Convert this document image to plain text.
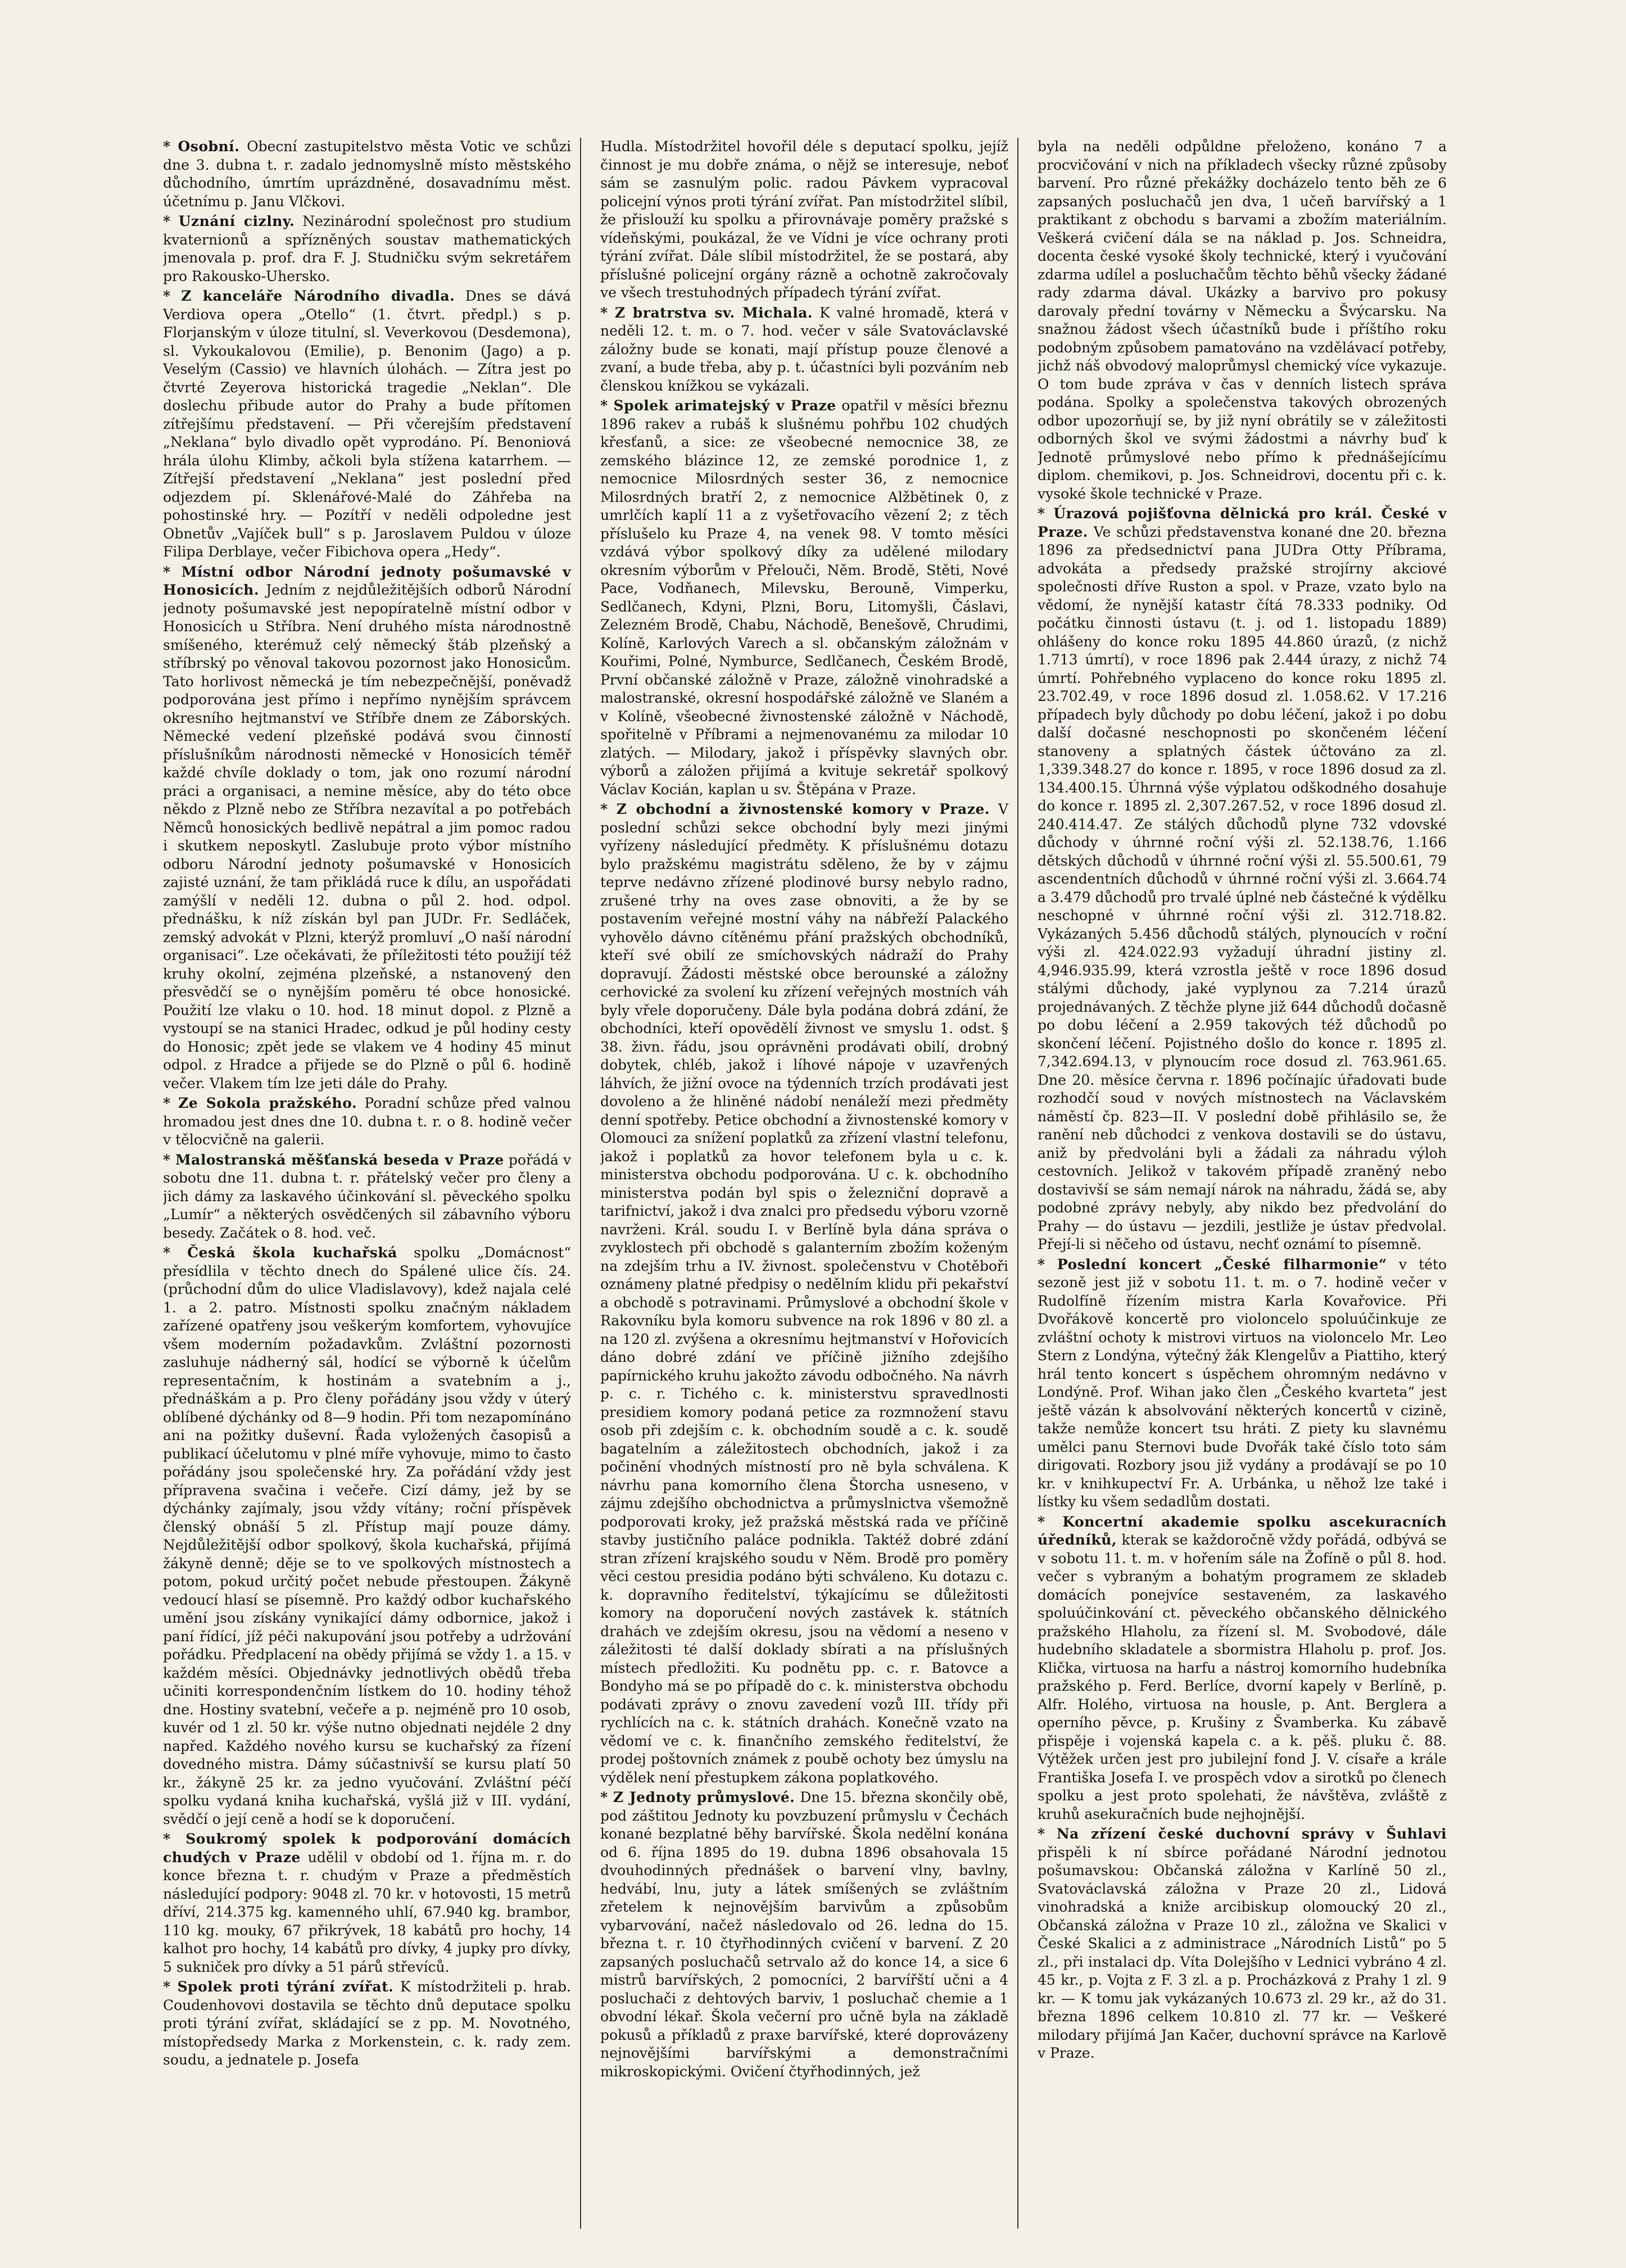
* Osobní. Obecní zastupitelstvo města Votic ve schůzi dne 3. dubna t. r. zadalo jednomyslně místo městského důchodního, úmrtím uprázdněné, dosavadnímu měst. účetnímu p. Janu Vlčkovi.

* Uznání cizlny. Nezinárodní společnost pro studium kvaternionů a spřízněných soustav mathematických jmenovala p. prof. dra F. J. Studničku svým sekretářem pro Rakousko-Uhersko.

* Z kanceláře Národního divadla. Dnes se dává Verdiova opera „Otello“ (1. čtvrt. předpl.) s p. Florjanským v úloze titulní, sl. Veverkovou (Desdemona), sl. Vykoukalovou (Emilie), p. Benonim (Jago) a p. Veselým (Cassio) ve hlavních úlohách. — Zítra jest po čtvrté Zeyerova historická tragedie „Neklan“. Dle doslechu přibude autor do Prahy a bude přítomen zítřejšímu představení. — Při včerejším představení „Neklana“ bylo divadlo opět vyprodáno. Pí. Benoniová hrála úlohu Klimby, ačkoli byla stížena katarrhem. — Zítřejší představení „Neklana“ jest poslední před odjezdem pí. Sklenářové-Malé do Záhřeba na pohostinské hry. — Pozítří v neděli odpoledne jest Obnetův „Vajíček bull“ s p. Jaroslavem Puldou v úloze Filipa Derblaye, večer Fibichova opera „Hedy“.

* Místní odbor Národní jednoty pošumavské v Honosicích. Jedním z nejdůležitějších odborů Národní jednoty pošumavské jest nepopíratelně místní odbor v Honosicích u Stříbra. Není druhého místa národnostně smíšeného, kterémuž celý německý štáb plzeňský a stříbrský po věnoval takovou pozornost jako Honosicům. Tato horlivost německá je tím nebezpečnější, poněvadž podporována jest přímo i nepřímo nynějším správcem okresního hejtmanství ve Stříbře dnem ze Záborských. Německé vedení plzeňské podává svou činností příslušníkům národnosti německé v Honosicích téměř každé chvíle doklady o tom, jak ono rozumí národní práci a organisaci, a nemine měsíce, aby do této obce někdo z Plzně nebo ze Stříbra nezavítal a po potřebách Němců honosických bedlivě nepátral a jim pomoc radou i skutkem neposkytl. Zaslubuje proto výbor místního odboru Národní jednoty pošumavské v Honosicích zajisté uznání, že tam přikládá ruce k dílu, an uspořádati zamýšlí v neděli 12. dubna o půl 2. hod. odpol. přednášku, k níž získán byl pan JUDr. Fr. Sedláček, zemský advokát v Plzni, kterýž promluví „O naší národní organisaci“. Lze očekávati, že příležitosti této použijí též kruhy okolní, zejména plzeňské, a nstanovený den přesvědčí se o nynějším poměru té obce honosické. Použití lze vlaku o 10. hod. 18 minut dopol. z Plzně a vystoupí se na stanici Hradec, odkud je půl hodiny cesty do Honosic; zpět jede se vlakem ve 4 hodiny 45 minut odpol. z Hradce a přijede se do Plzně o půl 6. hodině večer. Vlakem tím lze jeti dále do Prahy.

* Ze Sokola pražského. Poradní schůze před valnou hromadou jest dnes dne 10. dubna t. r. o 8. hodině večer v tělocvičně na galerii.

* Malostranská měšťanská beseda v Praze pořádá v sobotu dne 11. dubna t. r. přátelský večer pro členy a jich dámy za laskavého účinkování sl. pěveckého spolku „Lumír“ a některých osvědčených sil zábavního výboru besedy. Začátek o 8. hod. več.

* Česká škola kuchařská spolku „Domácnost“ přesídlila v těchto dnech do Spálené ulice čís. 24. (průchodní dům do ulice Vladislavovy), kdež najala celé 1. a 2. patro. Místnosti spolku značným nákladem zařízené opatřeny jsou veškerým komfortem, vyhovujíce všem moderním požadavkům. Zvláštní pozornosti zasluhuje nádherný sál, hodící se výborně k účelům representačním, k hostinám a svatebním a j., přednáškám a p. Pro členy pořádány jsou vždy v úterý oblíbené dýchánky od 8—9 hodin. Při tom nezapomínáno ani na požitky duševní. Řada vyložených časopisů a publikací účelutomu v plné míře vyhovuje, mimo to často pořádány jsou společenské hry. Za pořádání vždy jest přípravena svačina i večeře. Cizí dámy, jež by se dýchánky zajímaly, jsou vždy vítány; roční příspěvek členský obnáší 5 zl. Přístup mají pouze dámy. Nejdůležitější odbor spolkový, škola kuchařská, přijímá žákyně denně; děje se to ve spolkových místnostech a potom, pokud určitý počet nebude přestoupen. Žákyně vedoucí hlasí se písemně. Pro každý odbor kuchařského umění jsou získány vynikající dámy odbornice, jakož i paní řídící, jíž péči nakupování jsou potřeby a udržování pořádku. Předplacení na obědy přijímá se vždy 1. a 15. v každém měsíci. Objednávky jednotlivých obědů třeba učiniti korrespondenčním lístkem do 10. hodiny téhož dne. Hostiny svatební, večeře a p. nejméně pro 10 osob, kuvér od 1 zl. 50 kr. výše nutno objednati nejdéle 2 dny napřed. Každého nového kursu se kuchařský za řízení dovedného mistra. Dámy súčastnivší se kursu platí 50 kr., žákyně 25 kr. za jedno vyučování. Zvláštní péčí spolku vydaná kniha kuchařská, vyšlá již v III. vydání, svědčí o její ceně a hodí se k doporučení.

* Soukromý spolek k podporování domácích chudých v Praze udělil v období od 1. října m. r. do konce března t. r. chudým v Praze a předměstích následující podpory: 9048 zl. 70 kr. v hotovosti, 15 metrů dříví, 214.375 kg. kamenného uhlí, 67.940 kg. brambor, 110 kg. mouky, 67 přikrývek, 18 kabátů pro hochy, 14 kalhot pro hochy, 14 kabátů pro dívky, 4 jupky pro dívky, 5 sukniček pro dívky a 51 párů střevíců.

* Spolek proti týrání zvířat. K místodržiteli p. hrab. Coudenhovovi dostavila se těchto dnů deputace spolku proti týrání zvířat, skládající se z pp. M. Novotného, místopředsedy Marka z Morkenstein, c. k. rady zem. soudu, a jednatele p. Josefa

Hudla. Místodržitel hovořil déle s deputací spolku, jejíž činnost je mu dobře známa, o nějž se interesuje, neboť sám se zasnulým polic. radou Pávkem vypracoval policejní výnos proti týrání zvířat. Pan místodržitel slíbil, že přislouží ku spolku a přirovnávaje poměry pražské s vídeňskými, poukázal, že ve Vídni je více ochrany proti týrání zvířat. Dále slíbil místodržitel, že se postará, aby příslušné policejní orgány rázně a ochotně zakročovaly ve všech trestuhodných případech týrání zvířat.

* Z bratrstva sv. Michala. K valné hromadě, která v neděli 12. t. m. o 7. hod. večer v sále Svatováclavské záložny bude se konati, mají přístup pouze členové a zvaní, a bude třeba, aby p. t. účastníci byli pozváním neb členskou knížkou se vykázali.

* Spolek arimatejský v Praze opatřil v měsíci březnu 1896 rakev a rubáš k slušnému pohřbu 102 chudých křesťanů, a sice: ze všeobecné nemocnice 38, ze zemského blázince 12, ze zemské porodnice 1, z nemocnice Milosrdných sester 36, z nemocnice Milosrdných bratří 2, z nemocnice Alžbětinek 0, z umrlčích kaplí 11 a z vyšetřovacího vězení 2; z těch příslušelo ku Praze 4, na venek 98. V tomto měsíci vzdává výbor spolkový díky za udělené milodary okresním výborům v Přelouči, Něm. Brodě, Stěti, Nové Pace, Vodňanech, Milevsku, Berouně, Vimperku, Sedlčanech, Kdyni, Plzni, Boru, Litomyšli, Čáslavi, Zelezném Brodě, Chabu, Náchodě, Benešově, Chrudimi, Kolíně, Karlových Varech a sl. občanským záložnám v Kouřimi, Polné, Nymburce, Sedlčanech, Českém Brodě, První občanské záložně v Praze, záložně vinohradské a malostranské, okresní hospodářské záložně ve Slaném a v Kolíně, všeobecné živnostenské záložně v Náchodě, spořitelně v Příbrami a nejmenovanému za milodar 10 zlatých. — Milodary, jakož i příspěvky slavných obr. výborů a záložen přijímá a kvituje sekretář spolkový Václav Kocián, kaplan u sv. Štěpána v Praze.

* Z obchodní a živnostenské komory v Praze. V poslední schůzi sekce obchodní byly mezi jinými vyřízeny následující předměty. K příslušnému dotazu bylo pražskému magistrátu sděleno, že by v zájmu teprve nedávno zřízené plodinové bursy nebylo radno, zrušené trhy na oves zase obnoviti, a že by se postavením veřejné mostní váhy na nábřeží Palackého vyhovělo dávno cítěnému přání pražských obchodníků, kteří své obilí ze smíchovských nádraží do Prahy dopravují. Žádosti městské obce berounské a záložny cerhovické za svolení ku zřízení veřejných mostních váh byly vřele doporučeny. Dále byla podána dobrá zdání, že obchodníci, kteří opovědělí živnost ve smyslu 1. odst. § 38. živn. řádu, jsou oprávněni prodávati obilí, drobný dobytek, chléb, jakož i líhové nápoje v uzavřených láhvích, že jižní ovoce na týdenních trzích prodávati jest dovoleno a že hliněné nádobí nenáleží mezi předměty denní spotřeby. Petice obchodní a živnostenské komory v Olomouci za snížení poplatků za zřízení vlastní telefonu, jakož i poplatků za hovor telefonem byla u c. k. ministerstva obchodu podporována. U c. k. obchodního ministerstva podán byl spis o železniční dopravě a tarifnictví, jakož i dva znalci pro předsedu výboru vzorně navrženi. Král. soudu I. v Berlíně byla dána správa o zvyklostech při obchodě s galanterním zbožím koženým na zdejším trhu a IV. živnost. společenstvu v Chotěboři oznámeny platné předpisy o nedělním klidu při pekařství a obchodě s potravinami. Průmyslové a obchodní škole v Rakovníku byla komoru subvence na rok 1896 v 80 zl. a na 120 zl. zvýšena a okresnímu hejtmanství v Hořovicích dáno dobré zdání ve příčině jižního zdejšího papírnického kruhu jakožto závodu odbočného. Na návrh p. c. r. Tichého c. k. ministerstvu spravedlnosti presidiem komory podaná petice za rozmnožení stavu osob při zdejším c. k. obchodním soudě a c. k. soudě bagatelním a záležitostech obchodních, jakož i za počinění vhodných místností pro ně byla schválena. K návrhu pana komorního člena Štorcha usneseno, v zájmu zdejšího obchodnictva a průmyslnictva všemožně podporovati kroky, jež pražská městská rada ve příčině stavby justičního paláce podnikla. Taktéž dobré zdání stran zřízení krajského soudu v Něm. Brodě pro poměry věci cestou presidia podáno býti schváleno. Ku dotazu c. k. dopravního ředitelství, týkajícímu se důležitosti komory na doporučení nových zastávek k. státních drahách ve zdejším okresu, jsou na vědomí a neseno v záležitosti té další doklady sbírati a na příslušných místech předložiti. Ku podnětu pp. c. r. Batovce a Bondyho má se po případě do c. k. ministerstva obchodu podávati zprávy o znovu zavedení vozů III. třídy při rychlících na c. k. státních drahách. Konečně vzato na vědomí ve c. k. finančního zemského ředitelství, že prodej poštovních známek z poubě ochoty bez úmyslu na výdělek není přestupkem zákona poplatkového.

* Z Jednoty průmyslové. Dne 15. března skončily obě, pod záštitou Jednoty ku povzbuzení průmyslu v Čechách konané bezplatné běhy barvířské. Škola nedělní konána od 6. října 1895 do 19. dubna 1896 obsahovala 15 dvouhodinných přednášek o barvení vlny, bavlny, hedvábí, lnu, juty a látek smíšených se zvláštním zřetelem k nejnovějším barvivům a způsobům vybarvování, načež následovalo od 26. ledna do 15. března t. r. 10 čtyřhodinných cvičení v barvení. Z 20 zapsaných posluchačů setrvalo až do konce 14, a sice 6 mistrů barvířských, 2 pomocníci, 2 barvířští učni a 4 posluchači z dehtových barviv, 1 posluchač chemie a 1 obvodní lékař. Škola večerní pro učně byla na základě pokusů a příkladů z praxe barvířské, které doprovázeny nejnovějšími barvířskými a demonstračními mikroskopickými. Ovičení čtyřhodinných, jež

byla na neděli odpůldne přeloženo, konáno 7 a procvičování v nich na příkladech všecky různé způsoby barvení. Pro různé překážky docházelo tento běh ze 6 zapsaných posluchačů jen dva, 1 učeň barvířský a 1 praktikant z obchodu s barvami a zbožím materiálním. Veškerá cvičení dála se na náklad p. Jos. Schneidra, docenta české vysoké školy technické, který i vyučování zdarma udílel a posluchačům těchto běhů všecky žádané rady zdarma dával. Ukázky a barvivo pro pokusy darovaly přední továrny v Německu a Švýcarsku. Na snažnou žádost všech účastníků bude i příštího roku podobným způsobem pamatováno na vzdělávací potřeby, jichž náš obvodový maloprůmysl chemický více vykazuje. O tom bude zpráva v čas v denních listech správa podána. Spolky a společenstva takových obrozených odbor upozorňují se, by již nyní obrátily se v záležitosti odborných škol ve svými žádostmi a návrhy buď k Jednotě průmyslové nebo přímo k přednášejícímu diplom. chemikovi, p. Jos. Schneidrovi, docentu při c. k. vysoké škole technické v Praze.

* Úrazová pojišťovna dělnická pro král. České v Praze. Ve schůzi představenstva konané dne 20. března 1896 za předsednictví pana JUDra Otty Příbrama, advokáta a předsedy pražské strojírny akciové společnosti dříve Ruston a spol. v Praze, vzato bylo na vědomí, že nynější katastr čítá 78.333 podniky. Od počátku činnosti ústavu (t. j. od 1. listopadu 1889) ohlášeny do konce roku 1895 44.860 úrazů, (z nichž 1.713 úmrtí), v roce 1896 pak 2.444 úrazy, z nichž 74 úmrtí. Pohřebného vyplaceno do konce roku 1895 zl. 23.702.49, v roce 1896 dosud zl. 1.058.62. V 17.216 případech byly důchody po dobu léčení, jakož i po dobu další dočasné neschopnosti po skončeném léčení stanoveny a splatných částek účtováno za zl. 1,339.348.27 do konce r. 1895, v roce 1896 dosud za zl. 134.400.15. Úhrnná výše výplatou odškodného dosahuje do konce r. 1895 zl. 2,307.267.52, v roce 1896 dosud zl. 240.414.47. Ze stálých důchodů plyne 732 vdovské důchody v úhrnné roční výši zl. 52.138.76, 1.166 dětských důchodů v úhrnné roční výši zl. 55.500.61, 79 ascendentních důchodů v úhrnné roční výši zl. 3.664.74 a 3.479 důchodů pro trvalé úplné neb částečné k výdělku neschopné v úhrnné roční výši zl. 312.718.82. Vykázaných 5.456 důchodů stálých, plynoucích v roční výši zl. 424.022.93 vyžadují úhradní jistiny zl. 4,946.935.99, která vzrostla ještě v roce 1896 dosud stálými důchody, jaké vyplynou za 7.214 úrazů projednávaných. Z těchže plyne již 644 důchodů dočasně po dobu léčení a 2.959 takových též důchodů po skončení léčení. Pojistného došlo do konce r. 1895 zl. 7,342.694.13, v plynoucím roce dosud zl. 763.961.65. Dne 20. měsíce června r. 1896 počínajíc úřadovati bude rozhodčí soud v nových místnostech na Václavském náměstí čp. 823—II. V poslední době přihlásilo se, že ranění neb důchodci z venkova dostavili se do ústavu, aniž by předvoláni byli a žádali za náhradu výloh cestovních. Jelikož v takovém případě zraněný nebo dostavivší se sám nemají nárok na náhradu, žádá se, aby podobné zprávy nebyly, aby nikdo bez předvolání do Prahy — do ústavu — jezdili, jestliže je ústav předvolal. Přejí-li si něčeho od ústavu, nechť oznámí to písemně.

* Poslední koncert „České filharmonie“ v této sezoně jest již v sobotu 11. t. m. o 7. hodině večer v Rudolfíně řízením mistra Karla Kovařovice. Při Dvořákově koncertě pro violoncelo spoluúčinkuje ze zvláštní ochoty k mistrovi virtuos na violoncelo Mr. Leo Stern z Londýna, výtečný žák Klengelův a Piattiho, který hrál tento koncert s úspěchem ohromným nedávno v Londýně. Prof. Wihan jako člen „Českého kvarteta“ jest ještě vázán k absolvování některých koncertů v cizině, takže nemůže koncert tsu hráti. Z piety ku slavnému umělci panu Sternovi bude Dvořák také číslo toto sám dirigovati. Rozbory jsou již vydány a prodávají se po 10 kr. v knihkupectví Fr. A. Urbánka, u něhož lze také i lístky ku všem sedadlům dostati.

* Koncertní akademie spolku ascekuracních úředníků, kterak se každoročně vždy pořádá, odbývá se v sobotu 11. t. m. v hořením sále na Žofíně o půl 8. hod. večer s vybraným a bohatým programem ze skladeb domácích ponejvíce sestaveném, za laskavého spoluúčinkování ct. pěveckého občanského dělnického pražského Hlaholu, za řízení sl. M. Svobodové, dále hudebního skladatele a sbormistra Hlaholu p. prof. Jos. Klička, virtuosa na harfu a nástroj komorního hudebníka pražského p. Ferd. Berlíce, dvorní kapely v Berlíně, p. Alfr. Holého, virtuosa na housle, p. Ant. Berglera a operního pěvce, p. Krušiny z Švamberka. Ku zábavě přispěje i vojenská kapela c. a k. pěš. pluku č. 88. Výtěžek určen jest pro jubilejní fond J. V. císaře a krále Františka Josefa I. ve prospěch vdov a sirotků po členech spolku a jest proto spolehati, že návštěva, zvláště z kruhů asekuračních bude nejhojnější.

* Na zřízení české duchovní správy v Šuhlavi přispěli k ní sbírce pořádané Národní jednotou pošumavskou: Občanská záložna v Karlíně 50 zl., Svatováclavská záložna v Praze 20 zl., Lidová vinohradská a kniže arcibiskup olomoucký 20 zl., Občanská záložna v Praze 10 zl., záložna ve Skalici v České Skalici a z administrace „Národních Listů“ po 5 zl., při instalaci dp. Víta Dolejšího v Lednici vybráno 4 zl. 45 kr., p. Vojta z F. 3 zl. a p. Procházková z Prahy 1 zl. 9 kr. — K tomu jak vykázaných 10.673 zl. 29 kr., až do 31. března 1896 celkem 10.810 zl. 77 kr. — Veškeré milodary přijímá Jan Kačer, duchovní správce na Karlově v Praze.
